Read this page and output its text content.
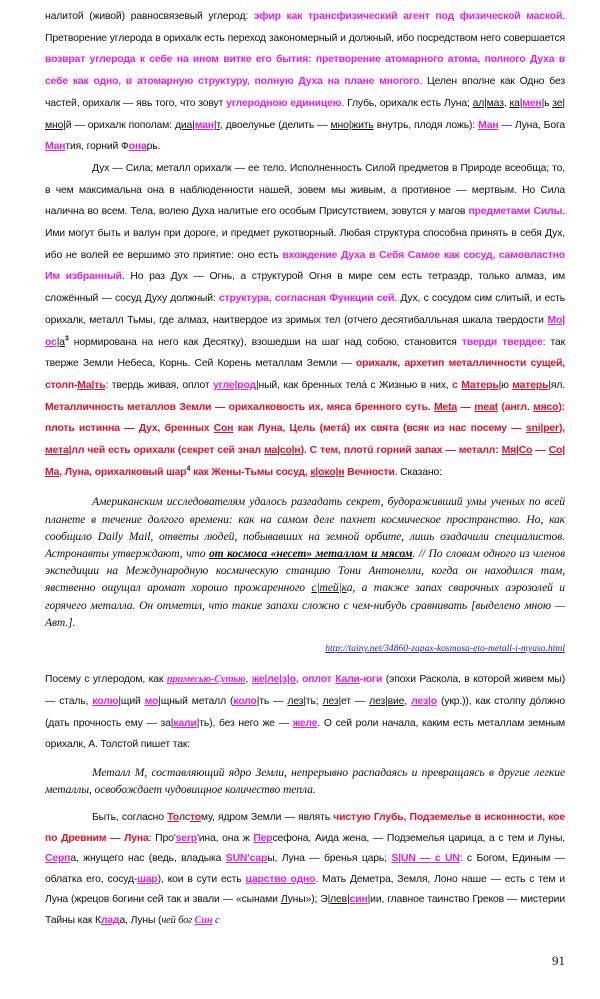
налитой (живой) равносвязевый углерод: эфир как трансфизический агент под физической маской. Претворение углерода в орихалк есть переход закономерный и должный, ибо посредством него совершается возврат углерода к себе на ином витке его бытия: претворение атомарного атома, полного Духа в себе как одно, в атомарную структуру, полную Духа на плане многого. Целен вполне как Одно без частей, орихалк — явь того, что зовут углеродною единицею. Глубь, орихалк есть Луна; ал|маз, ка|мен|ь зе|мно|й — орихалк пополам: диа|ман|т, двоелунье (делить — мно|жить внутрь, плодя ложь): Ман — Луна, Бога Мантия, горний Фонарь.
Дух — Сила; металл орихалк — ее тело. Исполненность Силой предметов в Природе всеобща; то, в чем максимальна она в наблюденности нашей, зовем мы живым, а противное — мертвым. Но Сила налична во всем. Тела, волею Духа налитые его особым Присутствием, зовутся у магов предметами Силы. Ими могут быть и валун при дороге, и предмет рукотворный. Любая структура способна принять в себя Дух, ибо не волей ее вершимо это приятие: оно есть вхождение Духа в Себя Самое как сосуд, самовластно Им избранный. Но раз Дух — Огнь, а структурой Огня в мире сем есть тетраэдр, только алмаз, им сложённый — сосуд Духу должный: структура, согласная Функции сей. Дух, с сосудом сим слитый, и есть орихалк, металл Тьмы, где алмаз, наитвердое из зримых тел (отчего десятибалльная шкала твердости $Мо|ос|а^3$ нормирована на него как Десятку), взошедши на шаг над собою, становится тверди твердее: так тверже Земли Небеса, Корнь. Сей Корень металлам Земли — орихалк, архетип металличности сущей, столп-Ма|ть: твердь живая, оплот угле|род|ный, как бренных телá с Жизнью в них, с Матерь|ю матерь|ял. Металличность металлов Земли — орихалковость их, мяса бренного суть. Meta — meat (англ. мясо): плоть истинна — Дух, бренных Сон как Луна, Цель (метá) их свята (всяк из нас посему — sni|per), мета|лл чей есть орихалк (секрет сей знал ма|со|н). С тем, плотú горний запах — металл: Мя|Со — Со|Ма, Луна, орихалковый шар$^4$ как Жены-Тьмы сосуд, к|око|н Вечности. Сказано:
Американским исследователям удалось разгадать секрет, будораживший умы ученых по всей планете в течение долгого времени: как на самом деле пахнет космическое пространство. Но, как сообщило Daily Mail, ответы людей, побывавших на земной орбите, лишь озадачили специалистов. Астронавты утверждают, что от космоса «несет» металлом и мясом. // По словам одного из членов экспедиции на Международную космическую станцию Тони Антонелли, когда он находился там, явственно ощущал аромат хорошо прожаренного с|тей|ка, а также запах сварочных аэрозолей и горячего металла. Он отметил, что такие запахи сложно с чем-нибудь сравнивать [выделено мною — Авт.].
http://tainy.net/34860-zapax-kosmosa-eto-metall-i-myaso.html
Посему с углеродом, как примесью-Сутью, же|ле|з|о, оплот Кали-юги (эпохи Раскола, в которой живем мы) — сталь, колю|щий мо|щный металл (коло|ть — лез|ть; лез|ет — лез|вие, лез|о (укр.)), как столпу дóлжно (дать прочность ему — за|кали|ть), без него же — желе. О сей роли начала, каким есть металлам земным орихалк, А. Толстой пишет так:
Металл М, составляющий ядро Земли, непрерывно распадаясь и превращаясь в другие легкие металлы, освобождает чудовищное количество тепла.
Быть, согласно Толстому, ядром Земли — являть чистую Глубь, Подземелье в исконности, кое по Древним — Луна: Про'serp'ина, она ж Персефона, Аида жена, — Подземелья царица, а с тем и Луны, Серпа, жнущего нас (ведь, владыка SUN'сары, Луна — бренья царь; S|UN — с UN: с Богом, Единым — облатка его, сосуд-шар), кои в сути есть царство одно. Мать Деметра, Земля, Лоно наше — есть с тем и Луна (жрецов богини сей так и звали — «сынами Луны»); Э|лев|син|ии, главное таинство Греков — мистерии Тайны как Клада, Луны (чей бог Син с
91
